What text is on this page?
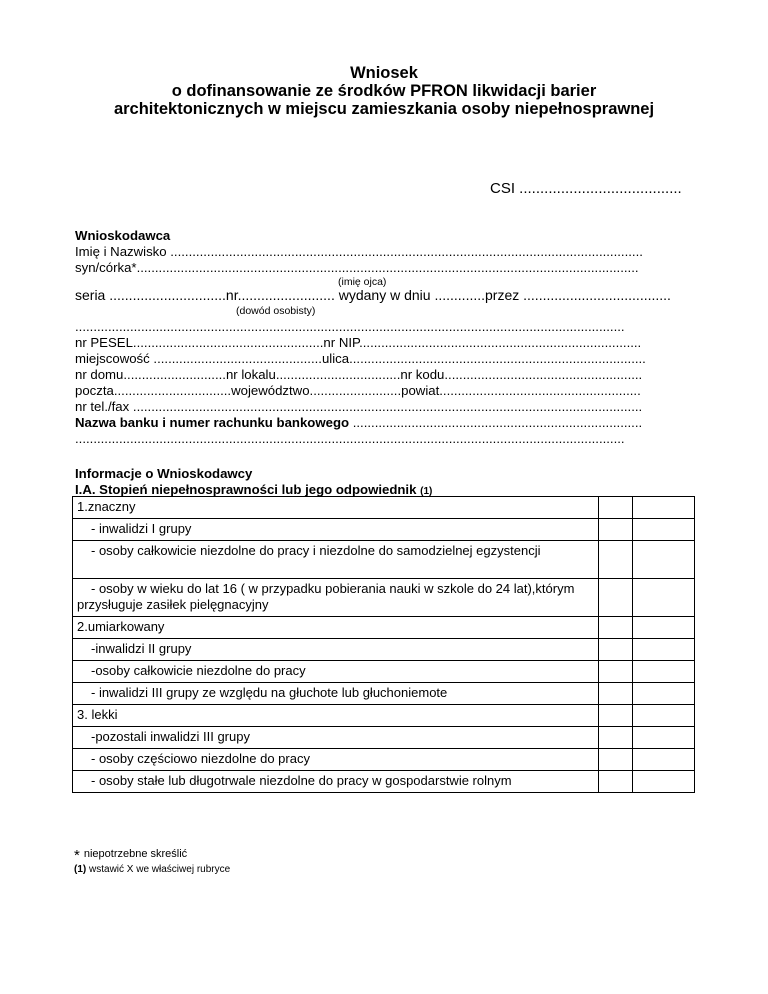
Wniosek
o dofinansowanie ze środków PFRON likwidacji barier
architektonicznych w miejscu zamieszkania osoby niepełnosprawnej
CSI .......................................
Wnioskodawca
Imię i Nazwisko .................................................................................................................................
syn/córka*.........................................................................................................................................
(imię ojca)
seria ..............................nr......................... wydany w dniu .............przez ......................................
(dowód osobisty)
......................................................................................................................................................
nr PESEL....................................................nr NIP.............................................................................
miejscowość ..............................................ulica.................................................................................
nr domu............................nr lokalu..................................nr kodu......................................................
poczta................................województwo.........................powiat.......................................................
nr tel./fax ...........................................................................................................................................
Nazwa banku i numer rachunku bankowego ...............................................................................
......................................................................................................................................................
Informacje o Wnioskodawcy
I.A. Stopień niepełnosprawności lub jego odpowiednik (1)
1.znaczny		
- inwalidzi I grupy		

- osoby całkowicie niezdolne do pracy i niezdolne do samodzielnej egzystencji		

- osoby w wieku do lat 16 ( w przypadku pobierania nauki w szkole do 24 lat),którym przysługuje zasiłek pielęgnacyjny		

2.umiarkowany		
-inwalidzi II grupy		
-osoby całkowicie niezdolne do pracy		
- inwalidzi III grupy ze względu na głuchote lub głuchoniemote		
3. lekki		
-pozostali inwalidzi III grupy		
- osoby częściowo niezdolne do pracy		
- osoby stałe lub długotrwale niezdolne do pracy w gospodarstwie rolnym		
* niepotrzebne skreślić
(1) wstawić X we właściwej rubryce
